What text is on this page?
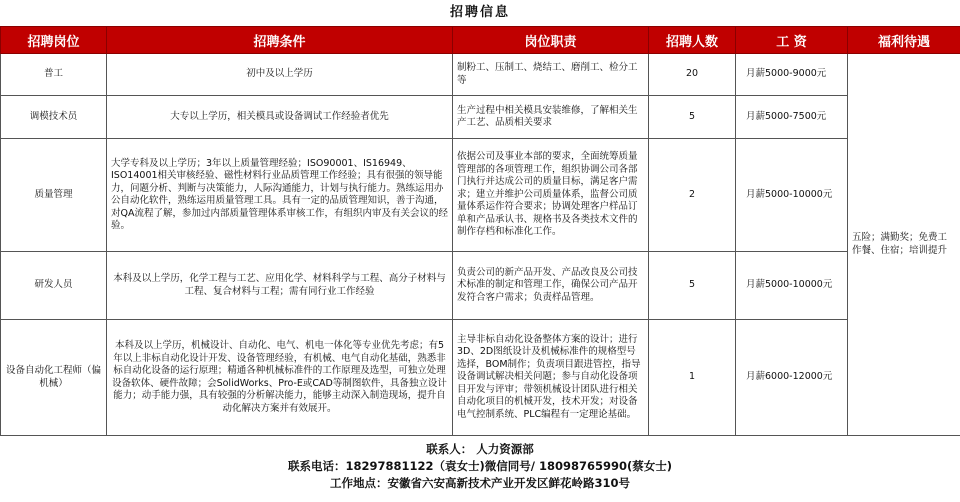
招聘信息
招聘岗位	招聘条件	岗位职责	招聘人数	工 资	福利待遇
普工	初中及以上学历	制粉工、压制工、烧结工、磨削工、检分工等	20	月薪5000-9000元	五险；满勤奖；免费工作餐、住宿；培训提升
调模技术员	大专以上学历，相关模具或设备调试工作经验者优先	生产过程中相关模具安装维修，了解相关生产工艺、品质相关要求	5	月薪5000-7500元	
质量管理	大学专科及以上学历；3年以上质量管理经验；ISO90001、IS16949、ISO14001相关审核经验、磁性材料行业品质管理工作经验；具有很强的领导能力，问题分析、判断与决策能力，人际沟通能力，计划与执行能力。熟练运用办公自动化软件，熟练运用质量管理工具。具有一定的品质管理知识，善于沟通，对QA流程了解，参加过内部质量管理体系审核工作，有组织内审及有关会议的经验。	依据公司及事业本部的要求，全面统筹质量管理部的各项管理工作，组织协调公司各部门执行并达成公司的质量目标，满足客户需求；建立并维护公司质量体系，监督公司质量体系运作符合要求；协调处理客户样品订单和产品承认书、规格书及各类技术文件的制作存档和标准化工作。	2	月薪5000-10000元	
研发人员	本科及以上学历，化学工程与工艺、应用化学、材料科学与工程、高分子材料与工程、复合材料与工程；需有同行业工作经验	负责公司的新产品开发、产品改良及公司技术标准的制定和管理工作，确保公司产品开发符合客户需求；负责样品管理。	5	月薪5000-10000元	
设备自动化工程师（偏机械）	本科及以上学历，机械设计、自动化、电气、机电一体化等专业优先考虑；有5年以上非标自动化设计开发、设备管理经验，有机械、电气自动化基础，熟悉非标自动化设备的运行原理；精通各种机械标准件的工作原理及选型，可独立处理设备软体、硬件故障；会SolidWorks、Pro-E或CAD等制图软件，具备独立设计能力；动手能力强，具有较强的分析解决能力，能够主动深入制造现场，提升自动化解决方案并有效展开。	主导非标自动化设备整体方案的设计；进行3D、2D图纸设计及机械标准件的规格型号选择，BOM制作；负责项目跟进管控，指导设备调试解决相关问题；参与自动化设备项目开发与评审；带领机械设计团队进行相关自动化项目的机械开发，技术开发；对设备电气控制系统、PLC编程有一定理论基础。	1	月薪6000-12000元	
联系人： 人力资源部
联系电话：18297881122（袁女士)微信同号/ 18098765990(蔡女士)
工作地点：安徽省六安高新技术产业开发区鲜花岭路310号
